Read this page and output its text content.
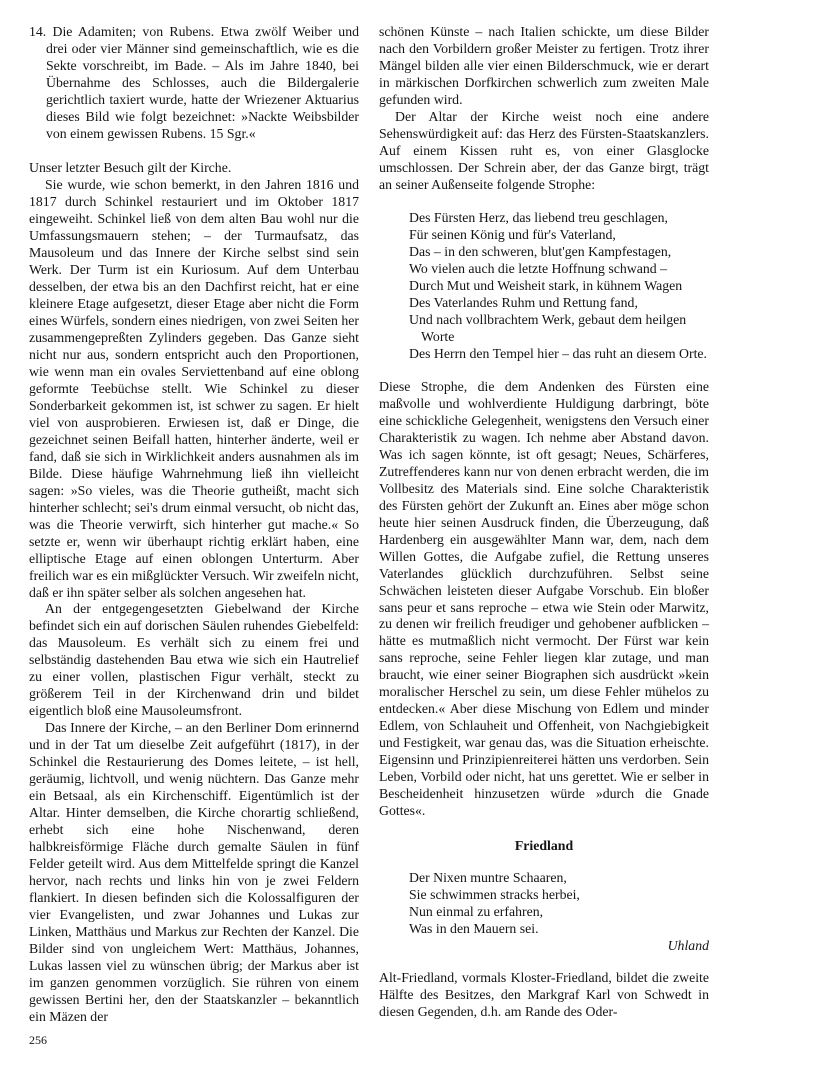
14. Die Adamiten; von Rubens. Etwa zwölf Weiber und drei oder vier Männer sind gemeinschaftlich, wie es die Sekte vorschreibt, im Bade. – Als im Jahre 1840, bei Übernahme des Schlosses, auch die Bildergalerie gerichtlich taxiert wurde, hatte der Wriezener Aktuarius dieses Bild wie folgt bezeichnet: »Nackte Weibsbilder von einem gewissen Rubens. 15 Sgr.«

Unser letzter Besuch gilt der Kirche.

Sie wurde, wie schon bemerkt, in den Jahren 1816 und 1817 durch Schinkel restauriert und im Oktober 1817 eingeweiht. Schinkel ließ von dem alten Bau wohl nur die Umfassungsmauern stehen; – der Turmaufsatz, das Mausoleum und das Innere der Kirche selbst sind sein Werk. Der Turm ist ein Kuriosum. Auf dem Unterbau desselben, der etwa bis an den Dachfirst reicht, hat er eine kleinere Etage aufgesetzt, dieser Etage aber nicht die Form eines Würfels, sondern eines niedrigen, von zwei Seiten her zusammengepreßten Zylinders gegeben. Das Ganze sieht nicht nur aus, sondern entspricht auch den Proportionen, wie wenn man ein ovales Serviettenband auf eine oblong geformte Teebüchse stellt. Wie Schinkel zu dieser Sonderbarkeit gekommen ist, ist schwer zu sagen. Er hielt viel von ausprobieren. Erwiesen ist, daß er Dinge, die gezeichnet seinen Beifall hatten, hinterher änderte, weil er fand, daß sie sich in Wirklichkeit anders ausnahmen als im Bilde. Diese häufige Wahrnehmung ließ ihn vielleicht sagen: »So vieles, was die Theorie gutheißt, macht sich hinterher schlecht; sei's drum einmal versucht, ob nicht das, was die Theorie verwirft, sich hinterher gut mache.« So setzte er, wenn wir überhaupt richtig erklärt haben, eine elliptische Etage auf einen oblongen Unterturm. Aber freilich war es ein mißglückter Versuch. Wir zweifeln nicht, daß er ihn später selber als solchen angesehen hat.

An der entgegengesetzten Giebelwand der Kirche befindet sich ein auf dorischen Säulen ruhendes Giebelfeld: das Mausoleum. Es verhält sich zu einem frei und selbständig dastehenden Bau etwa wie sich ein Hautrelief zu einer vollen, plastischen Figur verhält, steckt zu größerem Teil in der Kirchenwand drin und bildet eigentlich bloß eine Mausoleumsfront.

Das Innere der Kirche, – an den Berliner Dom erinnernd und in der Tat um dieselbe Zeit aufgeführt (1817), in der Schinkel die Restaurierung des Domes leitete, – ist hell, geräumig, lichtvoll, und wenig nüchtern. Das Ganze mehr ein Betsaal, als ein Kirchenschiff. Eigentümlich ist der Altar. Hinter demselben, die Kirche chorartig schließend, erhebt sich eine hohe Nischenwand, deren halbkreisförmige Fläche durch gemalte Säulen in fünf Felder geteilt wird. Aus dem Mittelfelde springt die Kanzel hervor, nach rechts und links hin von je zwei Feldern flankiert. In diesen befinden sich die Kolossalfiguren der vier Evangelisten, und zwar Johannes und Lukas zur Linken, Matthäus und Markus zur Rechten der Kanzel. Die Bilder sind von ungleichem Wert: Matthäus, Johannes, Lukas lassen viel zu wünschen übrig; der Markus aber ist im ganzen genommen vorzüglich. Sie rühren von einem gewissen Bertini her, den der Staatskanzler – bekanntlich ein Mäzen der

schönen Künste – nach Italien schickte, um diese Bilder nach den Vorbildern großer Meister zu fertigen. Trotz ihrer Mängel bilden alle vier einen Bilderschmuck, wie er derart in märkischen Dorfkirchen schwerlich zum zweiten Male gefunden wird.

Der Altar der Kirche weist noch eine andere Sehenswürdigkeit auf: das Herz des Fürsten-Staatskanzlers. Auf einem Kissen ruht es, von einer Glasglocke umschlossen. Der Schrein aber, der das Ganze birgt, trägt an seiner Außenseite folgende Strophe:

Des Fürsten Herz, das liebend treu geschlagen,
Für seinen König und für's Vaterland,
Das – in den schweren, blut'gen Kampfestagen,
Wo vielen auch die letzte Hoffnung schwand –
Durch Mut und Weisheit stark, in kühnem Wagen
Des Vaterlandes Ruhm und Rettung fand,
Und nach vollbrachtem Werk, gebaut dem heilgen Worte
Des Herrn den Tempel hier – das ruht an diesem Orte.

Diese Strophe, die dem Andenken des Fürsten eine maßvolle und wohlverdiente Huldigung darbringt, böte eine schickliche Gelegenheit, wenigstens den Versuch einer Charakteristik zu wagen. Ich nehme aber Abstand davon. Was ich sagen könnte, ist oft gesagt; Neues, Schärferes, Zutreffenderes kann nur von denen erbracht werden, die im Vollbesitz des Materials sind. Eine solche Charakteristik des Fürsten gehört der Zukunft an. Eines aber möge schon heute hier seinen Ausdruck finden, die Überzeugung, daß Hardenberg ein ausgewählter Mann war, dem, nach dem Willen Gottes, die Aufgabe zufiel, die Rettung unseres Vaterlandes glücklich durchzuführen. Selbst seine Schwächen leisteten dieser Aufgabe Vorschub. Ein bloßer sans peur et sans reproche – etwa wie Stein oder Marwitz, zu denen wir freilich freudiger und gehobener aufblicken – hätte es mutmaßlich nicht vermocht. Der Fürst war kein sans reproche, seine Fehler liegen klar zutage, und man braucht, wie einer seiner Biographen sich ausdrückt »kein moralischer Herschel zu sein, um diese Fehler mühelos zu entdecken.« Aber diese Mischung von Edlem und minder Edlem, von Schlauheit und Offenheit, von Nachgiebigkeit und Festigkeit, war genau das, was die Situation erheischte. Eigensinn und Prinzipienreiterei hätten uns verdorben. Sein Leben, Vorbild oder nicht, hat uns gerettet. Wie er selber in Bescheidenheit hinzusetzen würde »durch die Gnade Gottes«.

Friedland
Der Nixen muntre Schaaren,
Sie schwimmen stracks herbei,
Nun einmal zu erfahren,
Was in den Mauern sei.
Uhland

Alt-Friedland, vormals Kloster-Friedland, bildet die zweite Hälfte des Besitzes, den Markgraf Karl von Schwedt in diesen Gegenden, d.h. am Rande des Oder-

256
